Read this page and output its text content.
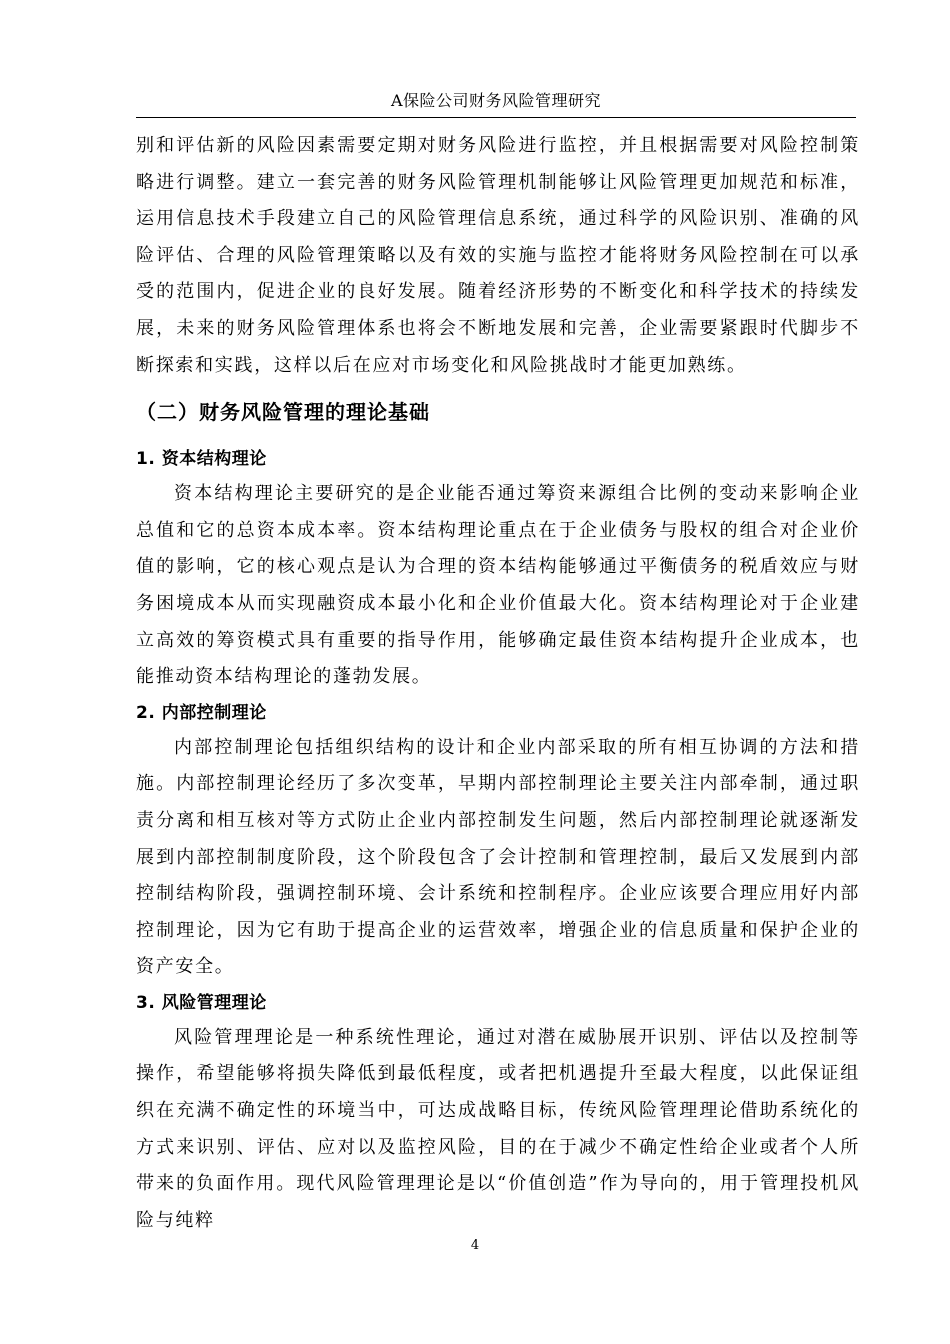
A保险公司财务风险管理研究

别和评估新的风险因素需要定期对财务风险进行监控，并且根据需要对风险控制策略进行调整。建立一套完善的财务风险管理机制能够让风险管理更加规范和标准，运用信息技术手段建立自己的风险管理信息系统，通过科学的风险识别、准确的风险评估、合理的风险管理策略以及有效的实施与监控才能将财务风险控制在可以承受的范围内，促进企业的良好发展。随着经济形势的不断变化和科学技术的持续发展，未来的财务风险管理体系也将会不断地发展和完善，企业需要紧跟时代脚步不断探索和实践，这样以后在应对市场变化和风险挑战时才能更加熟练。

（二）财务风险管理的理论基础
1. 资本结构理论

资本结构理论主要研究的是企业能否通过筹资来源组合比例的变动来影响企业总值和它的总资本成本率。资本结构理论重点在于企业债务与股权的组合对企业价值的影响，它的核心观点是认为合理的资本结构能够通过平衡债务的税盾效应与财务困境成本从而实现融资成本最小化和企业价值最大化。资本结构理论对于企业建立高效的筹资模式具有重要的指导作用，能够确定最佳资本结构提升企业成本，也能推动资本结构理论的蓬勃发展。

2. 内部控制理论

内部控制理论包括组织结构的设计和企业内部采取的所有相互协调的方法和措施。内部控制理论经历了多次变革，早期内部控制理论主要关注内部牵制，通过职责分离和相互核对等方式防止企业内部控制发生问题，然后内部控制理论就逐渐发展到内部控制制度阶段，这个阶段包含了会计控制和管理控制，最后又发展到内部控制结构阶段，强调控制环境、会计系统和控制程序。企业应该要合理应用好内部控制理论，因为它有助于提高企业的运营效率，增强企业的信息质量和保护企业的资产安全。

3. 风险管理理论

风险管理理论是一种系统性理论，通过对潜在威胁展开识别、评估以及控制等操作，希望能够将损失降低到最低程度，或者把机遇提升至最大程度，以此保证组织在充满不确定性的环境当中，可达成战略目标，传统风险管理理论借助系统化的方式来识别、评估、应对以及监控风险，目的在于减少不确定性给企业或者个人所带来的负面作用。现代风险管理理论是以“价值创造”作为导向的，用于管理投机风险与纯粹

4
